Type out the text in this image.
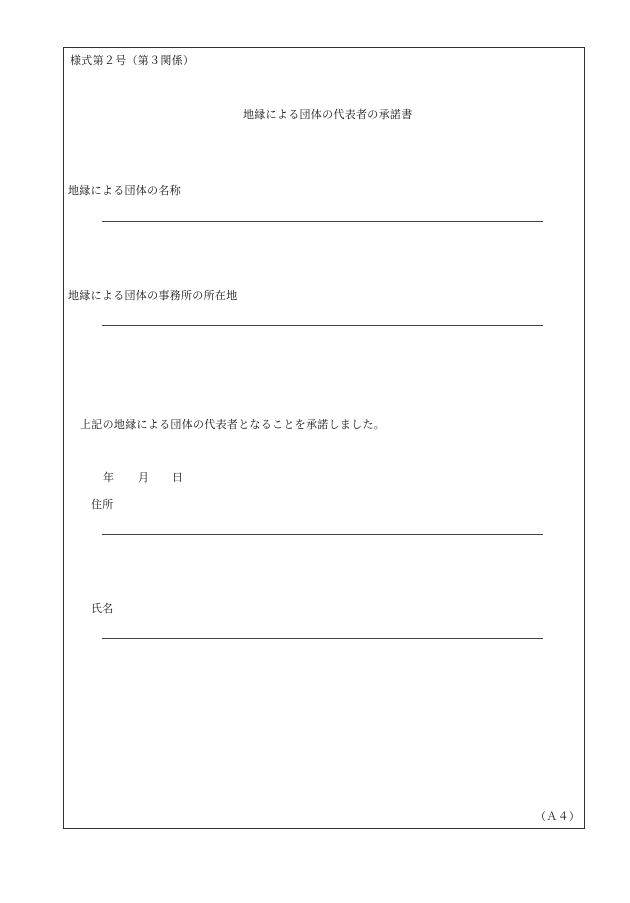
様式第２号（第３関係）
地縁による団体の代表者の承諾書
地縁による団体の名称
地縁による団体の事務所の所在地
上記の地縁による団体の代表者となることを承諾しました。
年 月 日
住所
氏名
（Ａ４）
